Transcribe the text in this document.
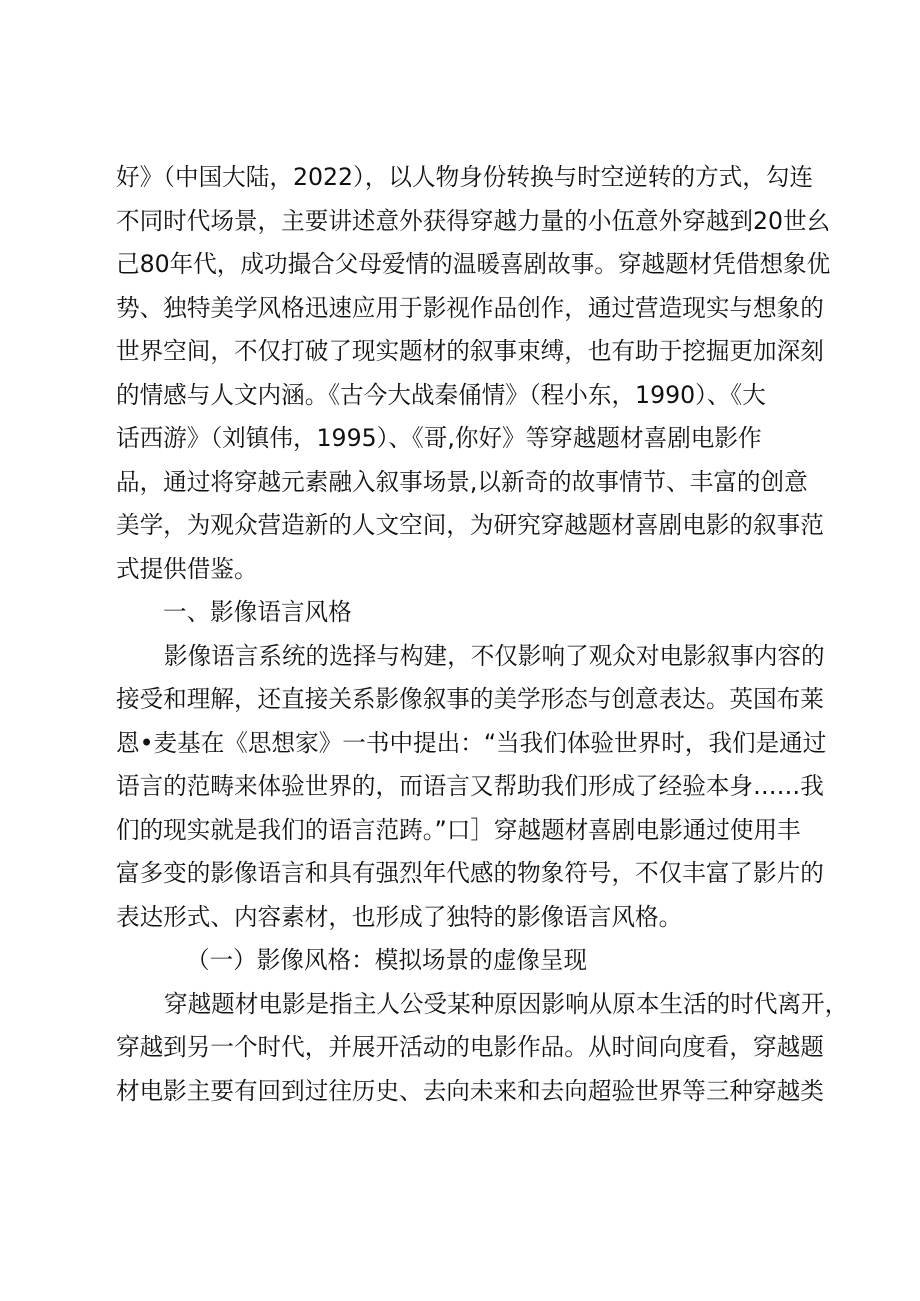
好》（中国大陆，2022），以人物身份转换与时空逆转的方式，勾连
不同时代场景，主要讲述意外获得穿越力量的小伍意外穿越到20世幺
己80年代，成功撮合父母爱情的温暖喜剧故事。穿越题材凭借想象优
势、独特美学风格迅速应用于影视作品创作，通过营造现实与想象的
世界空间，不仅打破了现实题材的叙事束缚，也有助于挖掘更加深刻
的情感与人文内涵。《古今大战秦俑情》（程小东，1990）、《大
话西游》（刘镇伟，1995）、《哥,你好》等穿越题材喜剧电影作
品，通过将穿越元素融入叙事场景,以新奇的故事情节、丰富的创意
美学，为观众营造新的人文空间，为研究穿越题材喜剧电影的叙事范
式提供借鉴。
一、影像语言风格
影像语言系统的选择与构建，不仅影响了观众对电影叙事内容的
接受和理解，还直接关系影像叙事的美学形态与创意表达。英国布莱
恩•麦基在《思想家》一书中提出：“当我们体验世界时，我们是通过
语言的范畴来体验世界的，而语言又帮助我们形成了经验本身……我
们的现实就是我们的语言范踌。”口］穿越题材喜剧电影通过使用丰
富多变的影像语言和具有强烈年代感的物象符号，不仅丰富了影片的
表达形式、内容素材，也形成了独特的影像语言风格。
（一）影像风格：模拟场景的虚像呈现
穿越题材电影是指主人公受某种原因影响从原本生活的时代离开，
穿越到另一个时代，并展开活动的电影作品。从时间向度看，穿越题
材电影主要有回到过往历史、去向未来和去向超验世界等三种穿越类
